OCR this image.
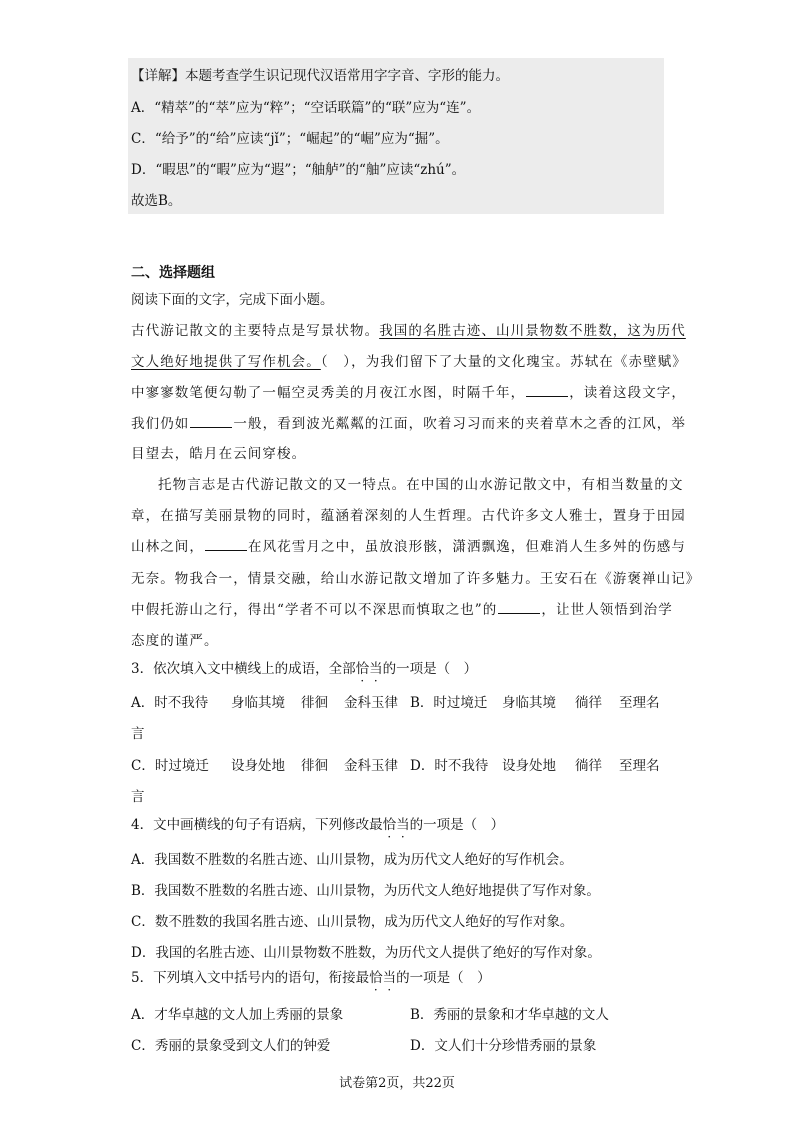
【详解】本题考查学生识记现代汉语常用字字音、字形的能力。
A．“精萃”的“萃”应为“粹”；“空话联篇”的“联”应为“连”。
C．“给予”的“给”应读“jǐ”；“崛起”的“崛”应为“掘”。
D．“暇思”的“暇”应为“遐”；“舳舻”的“舳”应读“zhú”。
故选B。
二、选择题组
阅读下面的文字，完成下面小题。
古代游记散文的主要特点是写景状物。我国的名胜古迹、山川景物数不胜数，这为历代
文人绝好地提供了写作机会。（　），为我们留下了大量的文化瑰宝。苏轼在《赤壁赋》
中寥寥数笔便勾勒了一幅空灵秀美的月夜江水图，时隔千年，	，读着这段文字，
我们仍如	一般，看到波光粼粼的江面，吹着习习而来的夹着草木之香的江风，举
目望去，皓月在云间穿梭。
托物言志是古代游记散文的又一特点。在中国的山水游记散文中，有相当数量的文
章，在描写美丽景物的同时，蕴涵着深刻的人生哲理。古代许多文人雅士，置身于田园
山林之间，	在风花雪月之中，虽放浪形骸，潇洒飘逸，但难消人生多舛的伤感与
无奈。物我合一，情景交融，给山水游记散文增加了许多魅力。王安石在《游褒禅山记》
中假托游山之行，得出“学者不可以不深思而慎取之也”的	，让世人领悟到治学
态度的谨严。
3．依次填入文中横线上的成语，全部恰当的一项是（　）
A．时不我待 身临其境 徘徊 金科玉律 B．时过境迁 身临其境 徜徉 至理名
言
C．时过境迁 设身处地 徘徊 金科玉律 D．时不我待 设身处地 徜徉 至理名
言
4．文中画横线的句子有语病，下列修改最恰当的一项是（　）
A．我国数不胜数的名胜古迹、山川景物，成为历代文人绝好的写作机会。
B．我国数不胜数的名胜古迹、山川景物，为历代文人绝好地提供了写作对象。
C．数不胜数的我国名胜古迹、山川景物，成为历代文人绝好的写作对象。
D．我国的名胜古迹、山川景物数不胜数，为历代文人提供了绝好的写作对象。
5．下列填入文中括号内的语句，衔接最恰当的一项是（　）
A．才华卓越的文人加上秀丽的景象	B．秀丽的景象和才华卓越的文人
C．秀丽的景象受到文人们的钟爱	D．文人们十分珍惜秀丽的景象
试卷第2页，共22页
